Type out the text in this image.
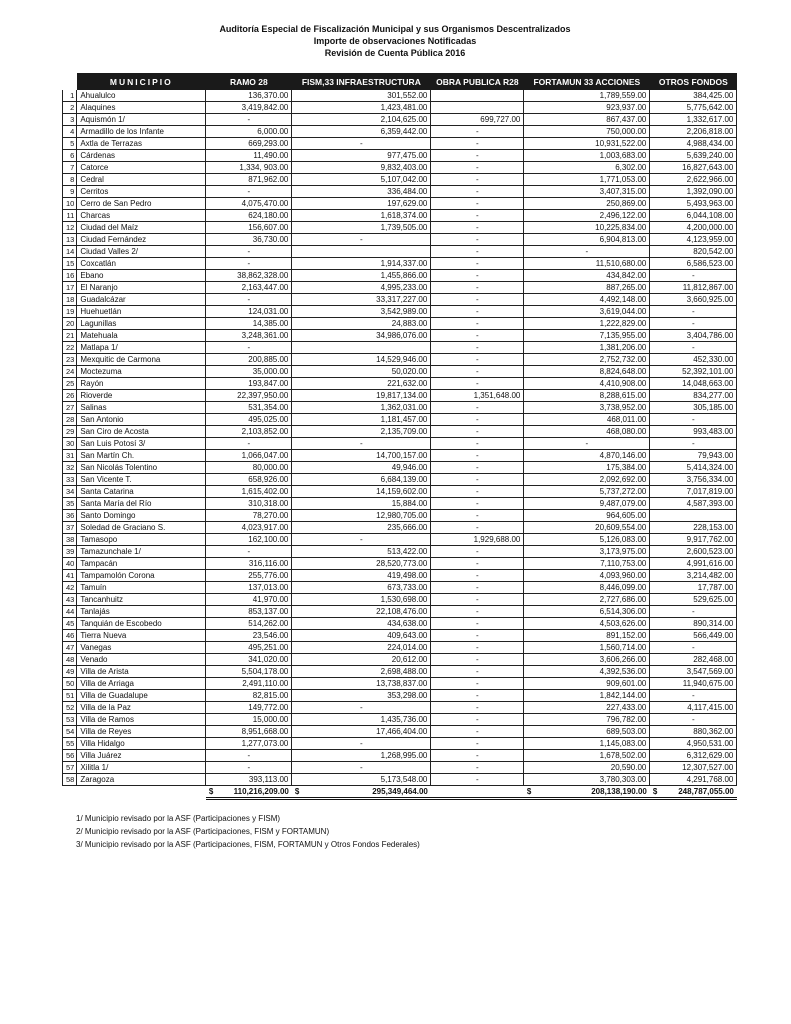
Auditoría Especial de Fiscalización Municipal y sus Organismos Descentralizados
Importe de observaciones Notificadas
Revisión de Cuenta Pública 2016
	MUNICIPIO	RAMO 28	FISM,33 INFRAESTRUCTURA	OBRA PUBLICA R28	FORTAMUN 33 ACCIONES	OTROS FONDOS
1	Ahualulco	136,370.00	301,552.00		1,789,559.00	384,425.00
2	Alaquines	3,419,842.00	1,423,481.00		923,937.00	5,775,642.00
3	Aquismón 1/	-	2,104,625.00	699,727.00	867,437.00	1,332,617.00
4	Armadillo de los Infante	6,000.00	6,359,442.00	-	750,000.00	2,206,818.00
5	Axtla de Terrazas	669,293.00	-	-	10,931,522.00	4,988,434.00
6	Cárdenas	11,490.00	977,475.00	-	1,003,683.00	5,639,240.00
7	Catorce	1,334, 903.00	9,832,403.00	-	6,302.00	16,827,643.00
8	Cedral	871,962.00	5,107,042.00	-	1,771,053.00	2,622,966.00
9	Cerritos	-	336,484.00	-	3,407,315.00	1,392,090.00
10	Cerro de San Pedro	4,075,470.00	197,629.00	-	250,869.00	5,493,963.00
11	Charcas	624,180.00	1,618,374.00	-	2,496,122.00	6,044,108.00
12	Ciudad del Maíz	156,607.00	1,739,505.00	-	10,225,834.00	4,200,000.00
13	Ciudad Fernández	36,730.00	-	-	6,904,813.00	4,123,959.00
14	Ciudad Valles 2/	-		-	-	820,542.00
15	Coxcatlán	-	1,914,337.00	-	11,510,680.00	6,586,523.00
16	Ebano	38,862,328.00	1,455,866.00	-	434,842.00	-
17	El Naranjo	2,163,447.00	4,995,233.00	-	887,265.00	11,812,867.00
18	Guadalcázar	-	33,317,227.00	-	4,492,148.00	3,660,925.00
19	Huehuetlán	124,031.00	3,542,989.00	-	3,619,044.00	-
20	Lagunillas	14,385.00	24,883.00	-	1,222,829.00	-
21	Matehuala	3,248,361.00	34,986,076.00	-	7,135,955.00	3,404,786.00
22	Matlapa 1/	-		-	1,381,206.00	-
23	Mexquitic de Carmona	200,885.00	14,529,946.00	-	2,752,732.00	452,330.00
24	Moctezuma	35,000.00	50,020.00	-	8,824,648.00	52,392,101.00
25	Rayón	193,847.00	221,632.00	-	4,410,908.00	14,048,663.00
26	Rioverde	22,397,950.00	19,817,134.00	1,351,648.00	8,288,615.00	834,277.00
27	Salinas	531,354.00	1,362,031.00	-	3,738,952.00	305,185.00
28	San Antonio	495,025.00	1,181,457.00	-	468,011.00	-
29	San Ciro de Acosta	2,103,852.00	2,135,709.00	-	468,080.00	993,483.00
30	San Luis Potosí 3/	-	-	-	-	-
31	San Martín Ch.	1,066,047.00	14,700,157.00	-	4,870,146.00	79,943.00
32	San Nicolás Tolentino	80,000.00	49,946.00	-	175,384.00	5,414,324.00
33	San Vicente T.	658,926.00	6,684,139.00	-	2,092,692.00	3,756,334.00
34	Santa Catarina	1,615,402.00	14,159,602.00	-	5,737,272.00	7,017,819.00
35	Santa María del Río	310,318.00	15,884.00	-	9,487,079.00	4,587,393.00
36	Santo Domingo	78,270.00	12,980,705.00	-	964,605.00	
37	Soledad de Graciano S.	4,023,917.00	235,666.00	-	20,609,554.00	228,153.00
38	Tamasopo	162,100.00	-	1,929,688.00	5,126,083.00	9,917,762.00
39	Tamazunchale 1/	-	513,422.00	-	3,173,975.00	2,600,523.00
40	Tampacán	316,116.00	28,520,773.00	-	7,110,753.00	4,991,616.00
41	Tampamolón Corona	255,776.00	419,498.00	-	4,093,960.00	3,214,482.00
42	Tamuín	137,013.00	673,733.00	-	8,446,099.00	17,787.00
43	Tancanhuitz	41,970.00	1,530,698.00	-	2,727,686.00	529,625.00
44	Tanlajás	853,137.00	22,108,476.00	-	6,514,306.00	-
45	Tanquián de Escobedo	514,262.00	434,638.00	-	4,503,626.00	890,314.00
46	Tierra Nueva	23,546.00	409,643.00	-	891,152.00	566,449.00
47	Vanegas	495,251.00	224,014.00	-	1,560,714.00	-
48	Venado	341,020.00	20,612.00	-	3,606,266.00	282,468.00
49	Villa de Arista	5,504,178.00	2,698,488.00	-	4,392,536.00	3,547,569.00
50	Villa de Arriaga	2,491,110.00	13,738,837.00	-	909,601.00	11,940,675.00
51	Villa de Guadalupe	82,815.00	353,298.00	-	1,842,144.00	-
52	Villa de la Paz	149,772.00	-	-	227,433.00	4,117,415.00
53	Villa de Ramos	15,000.00	1,435,736.00	-	796,782.00	-
54	Villa de Reyes	8,951,668.00	17,466,404.00	-	689,503.00	880,362.00
55	Villa Hidalgo	1,277,073.00	-	-	1,145,083.00	4,950,531.00
56	Villa Juárez	-	1,268,995.00	-	1,678,502.00	6,312,629.00
57	Xilitla 1/	-	-	-	20,590.00	12,307,527.00
58	Zaragoza	393,113.00	5,173,548.00	-	3,780,303.00	4,291,768.00

		$ 110,216,209.00	$ 295,349,464.00		$ 208,138,190.00	$ 248,787,055.00
1/ Municipio revisado por la ASF (Participaciones y FISM)
2/ Municipio revisado por la ASF (Participaciones, FISM y FORTAMUN)
3/ Municipio revisado por la ASF (Participaciones, FISM, FORTAMUN y Otros Fondos Federales)
